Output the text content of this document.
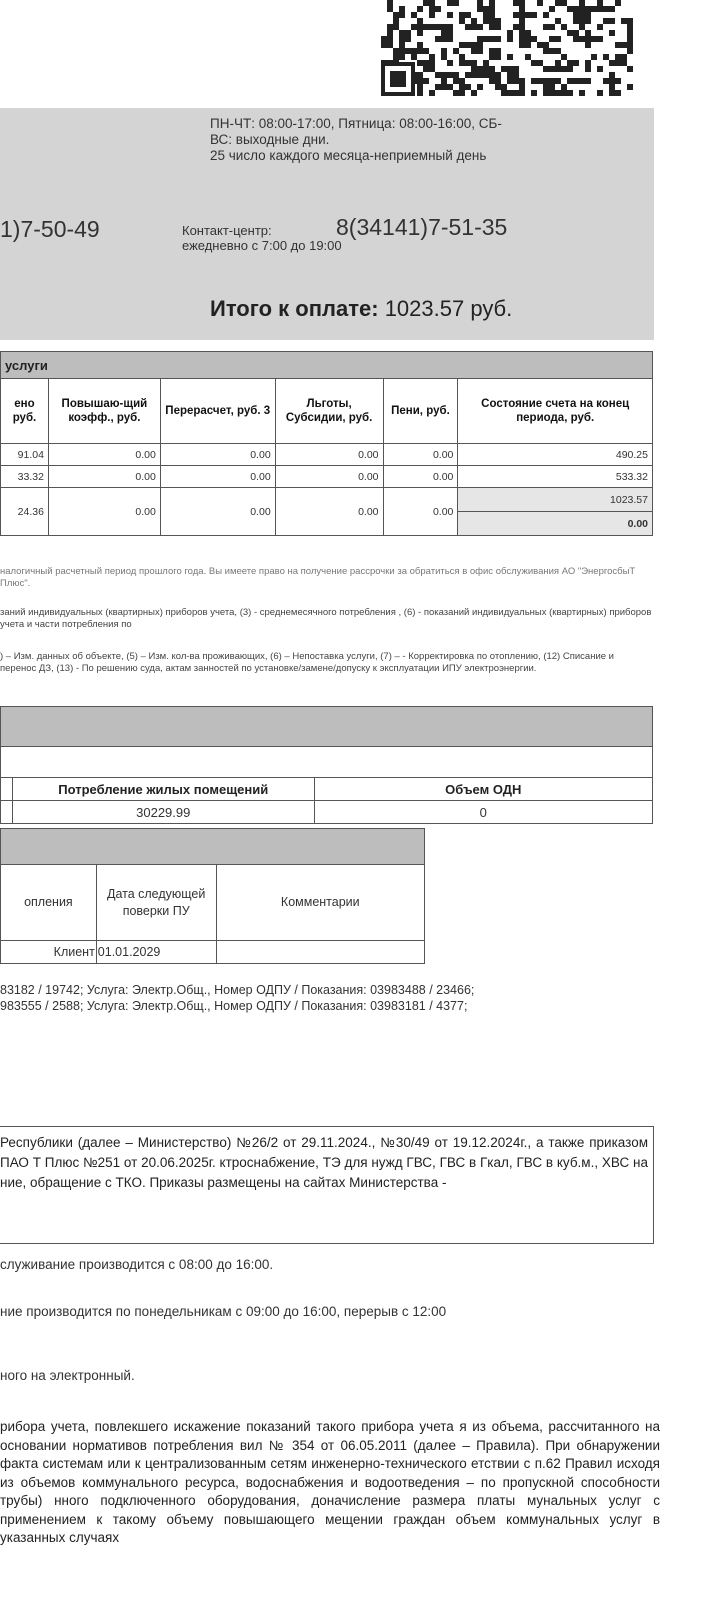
ПН-ЧТ: 08:00-17:00, Пятница: 08:00-16:00, СБ-
ВС: выходные дни.
25 число каждого месяца-неприемный день
1)7-50-49	Контакт-центр:
ежедневно с 7:00 до 19:00
8(34141)7-51-35
Итого к оплате: 1023.57 руб.
услуги					
ено руб.	Повышаю-щий коэфф., руб.	Перерасчет, руб. 3	Льготы, Субсидии, руб.	Пени, руб.	Состояние счета на конец периода, руб.
91.04	0.00	0.00	0.00	0.00	490.25
33.32	0.00	0.00	0.00	0.00	533.32
24.36	0.00	0.00	0.00	0.00	1023.57
					0.00
налогичный расчетный период прошлого года. Вы имеете право на получение рассрочки за обратиться в офис обслуживания АО "ЭнергосбыТ Плюс".
заний индивидуальных (квартирных) приборов учета, (3) - среднемесячного потребления , (6) - показаний индивидуальных (квартирных) приборов учета и части потребления по
) – Изм. данных об объекте, (5) – Изм. кол-ва проживающих, (6) – Непоставка услуги, (7) – - Корректировка по отоплению, (12) Списание и перенос ДЗ, (13) - По решению суда, актам занностей по установке/замене/допуску к эксплуатации ИПУ электроэнергии.

	Потребление жилых помещений	Объем ОДН
	30229.99	0

опления	Дата следующей поверки ПУ	Комментарии
Клиент	01.01.2029	
83182 / 19742; Услуга: Электр.Общ., Номер ОДПУ / Показания: 03983488 / 23466;
983555 / 2588; Услуга: Электр.Общ., Номер ОДПУ / Показания: 03983181 / 4377;
Республики (далее – Министерство) №26/2 от 29.11.2024., №30/49 от 19.12.2024г., а также приказом ПАО Т Плюс №251 от 20.06.2025г. ктроснабжение, ТЭ для нужд ГВС, ГВС в Гкал, ГВС в куб.м., ХВС на ние, обращение с ТКО. Приказы размещены на сайтах Министерства -
служивание производится с 08:00 до 16:00.
ние производится по понедельникам с 09:00 до 16:00, перерыв с 12:00
ного на электронный.
рибора учета, повлекшего искажение показаний такого прибора учета я из объема, рассчитанного на основании нормативов потребления вил № 354 от 06.05.2011 (далее – Правила). При обнаружении факта системам или к централизованным сетям инженерно-технического етствии с п.62 Правил исходя из объемов коммунального ресурса, водоснабжения и водоотведения – по пропускной способности трубы) нного подключенного оборудования, доначисление размера платы мунальных услуг с применением к такому объему повышающего мещении граждан объем коммунальных услуг в указанных случаях
